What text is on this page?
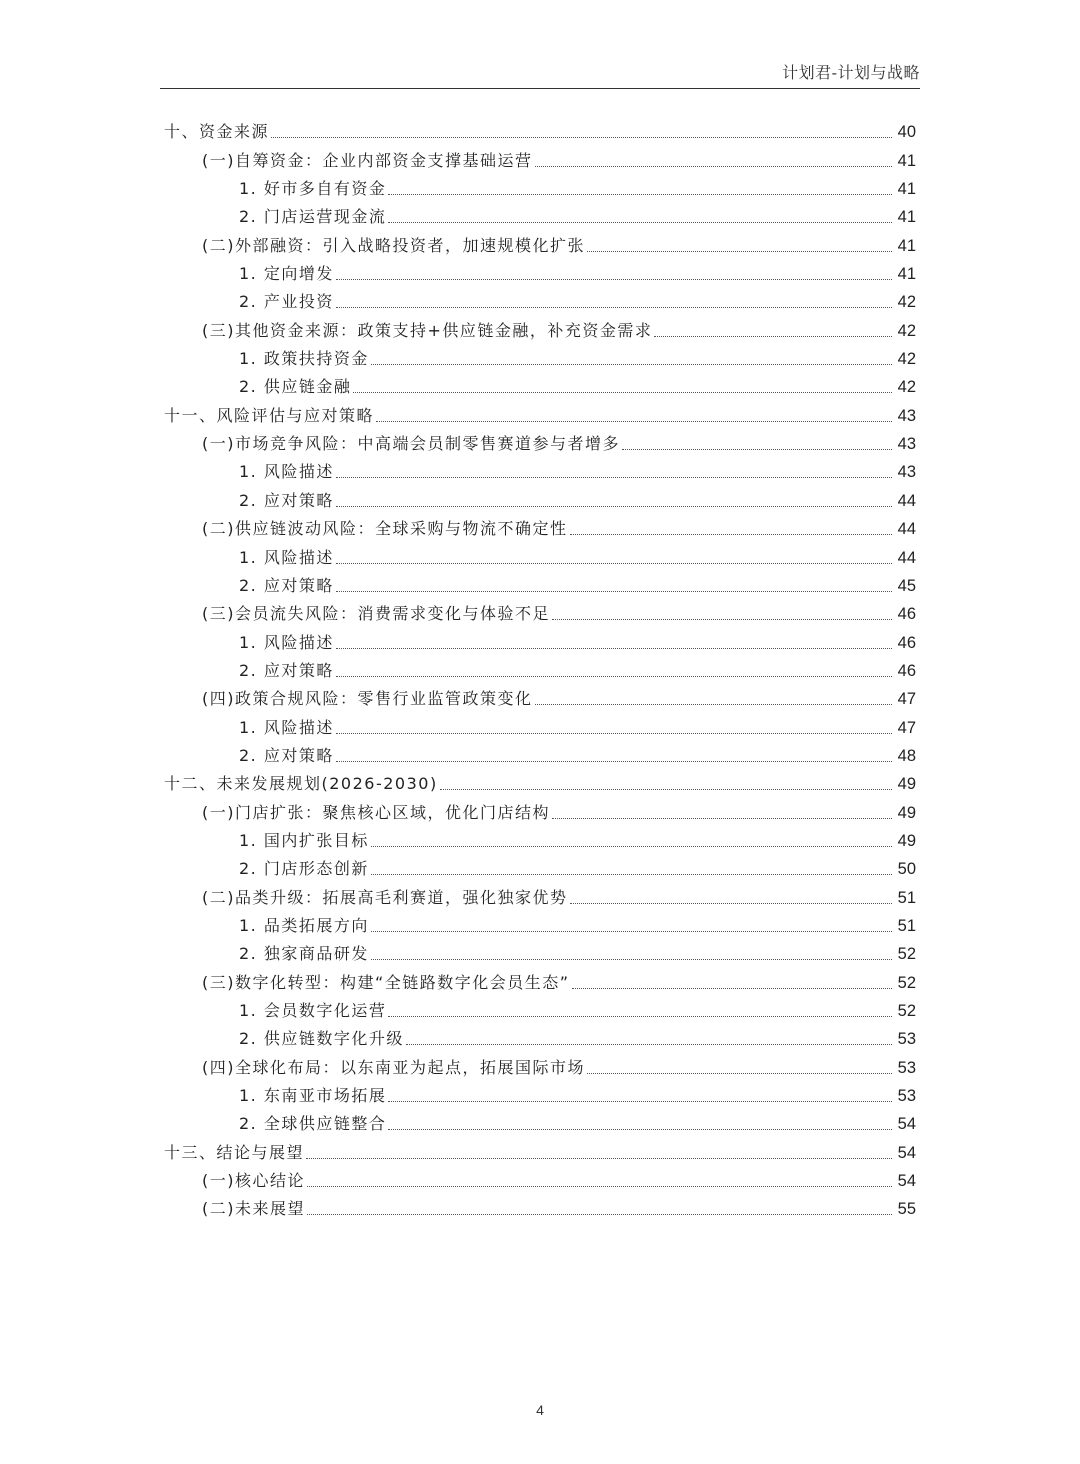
计划君-计划与战略
十、资金来源	40
(一)自筹资金：企业内部资金支撑基础运营	41
1. 好市多自有资金	41
2. 门店运营现金流	41
(二)外部融资：引入战略投资者，加速规模化扩张	41
1. 定向增发	41
2. 产业投资	42
(三)其他资金来源：政策支持+供应链金融，补充资金需求	42
1. 政策扶持资金	42
2. 供应链金融	42
十一、风险评估与应对策略	43
(一)市场竞争风险：中高端会员制零售赛道参与者增多	43
1. 风险描述	43
2. 应对策略	44
(二)供应链波动风险：全球采购与物流不确定性	44
1. 风险描述	44
2. 应对策略	45
(三)会员流失风险：消费需求变化与体验不足	46
1. 风险描述	46
2. 应对策略	46
(四)政策合规风险：零售行业监管政策变化	47
1. 风险描述	47
2. 应对策略	48
十二、未来发展规划(2026-2030)	49
(一)门店扩张：聚焦核心区域，优化门店结构	49
1. 国内扩张目标	49
2. 门店形态创新	50
(二)品类升级：拓展高毛利赛道，强化独家优势	51
1. 品类拓展方向	51
2. 独家商品研发	52
(三)数字化转型：构建“全链路数字化会员生态”	52
1. 会员数字化运营	52
2. 供应链数字化升级	53
(四)全球化布局：以东南亚为起点，拓展国际市场	53
1. 东南亚市场拓展	53
2. 全球供应链整合	54
十三、结论与展望	54
(一)核心结论	54
(二)未来展望	55
4
